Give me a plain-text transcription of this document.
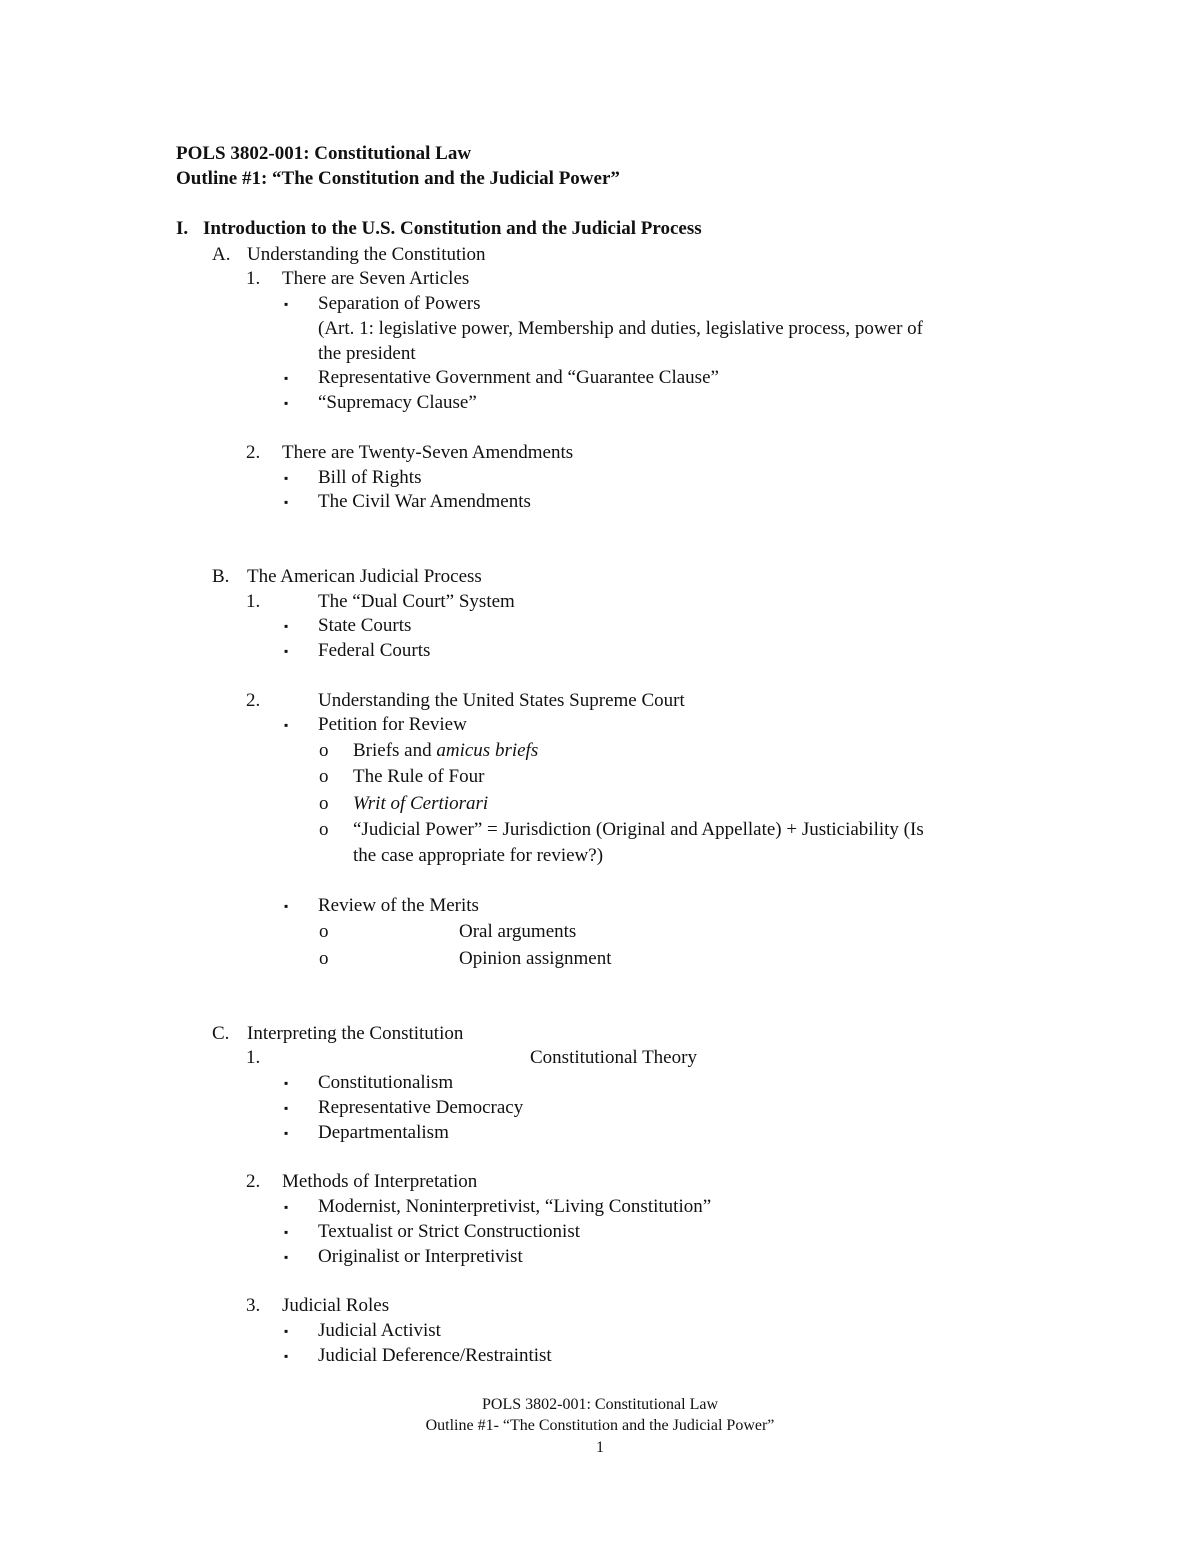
POLS 3802-001: Constitutional Law
Outline #1: “The Constitution and the Judicial Power”
I. Introduction to the U.S. Constitution and the Judicial Process
A. Understanding the Constitution
1. There are Seven Articles
▪ Separation of Powers
(Art. 1: legislative power, Membership and duties, legislative process, power of
the president
▪ Representative Government and “Guarantee Clause”
▪ “Supremacy Clause”
2. There are Twenty-Seven Amendments
▪ Bill of Rights
▪ The Civil War Amendments
B. The American Judicial Process
1.	The “Dual Court” System
▪ State Courts
▪ Federal Courts
2.	Understanding the United States Supreme Court
▪ Petition for Review
o Briefs and amicus briefs
o The Rule of Four
o Writ of Certiorari
o “Judicial Power” = Jurisdiction (Original and Appellate) + Justiciability (Is
the case appropriate for review?)
▪ Review of the Merits
o	Oral arguments
o	Opinion assignment
C. Interpreting the Constitution
1.	Constitutional Theory
▪ Constitutionalism
▪ Representative Democracy
▪ Departmentalism
2. Methods of Interpretation
▪ Modernist, Noninterpretivist, “Living Constitution”
▪ Textualist or Strict Constructionist
▪ Originalist or Interpretivist
3. Judicial Roles
▪ Judicial Activist
▪ Judicial Deference/Restraintist
POLS 3802-001: Constitutional Law
Outline #1- “The Constitution and the Judicial Power”
1
